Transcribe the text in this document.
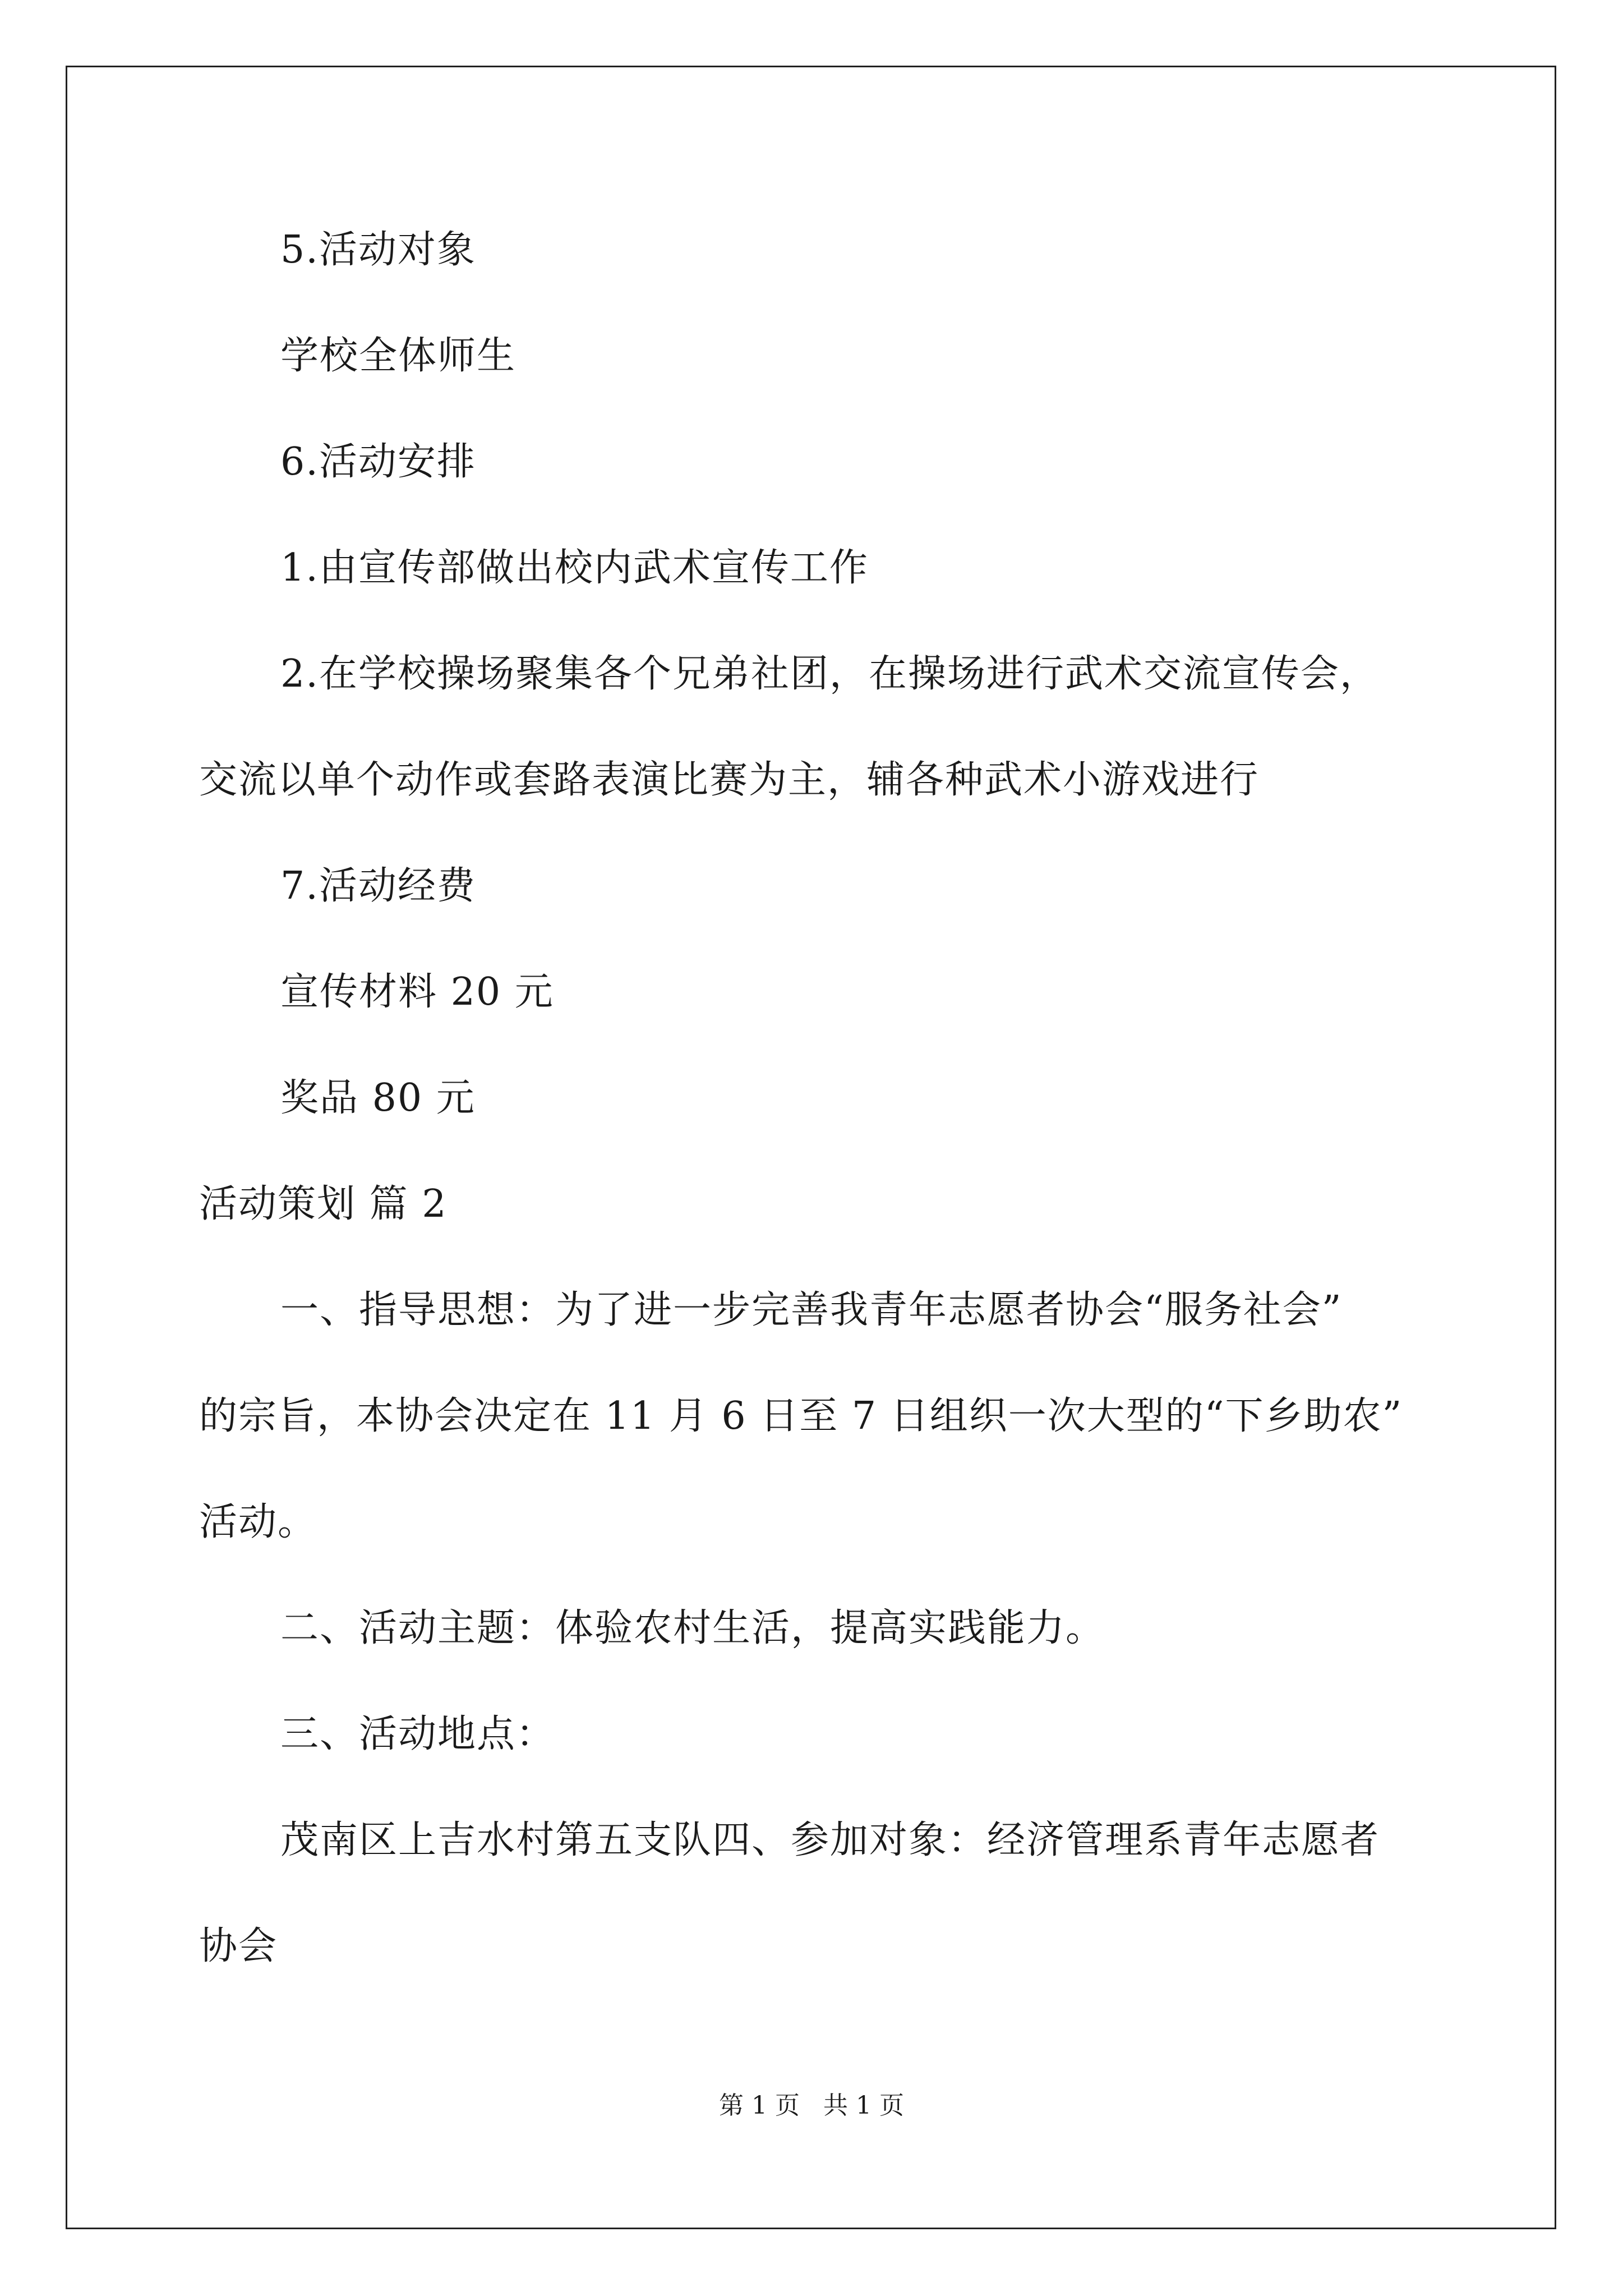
5.活动对象
学校全体师生
6.活动安排
1.由宣传部做出校内武术宣传工作
2.在学校操场聚集各个兄弟社团，在操场进行武术交流宣传会，
交流以单个动作或套路表演比赛为主，辅各种武术小游戏进行
7.活动经费
宣传材料 20 元
奖品 80 元
活动策划 篇 2
一、指导思想：为了进一步完善我青年志愿者协会“服务社会”
的宗旨，本协会决定在 11 月 6 日至 7 日组织一次大型的“下乡助农”
活动。
二、活动主题：体验农村生活，提高实践能力。
三、活动地点：
茂南区上吉水村第五支队四、参加对象：经济管理系青年志愿者
协会
第 1 页   共 1 页
